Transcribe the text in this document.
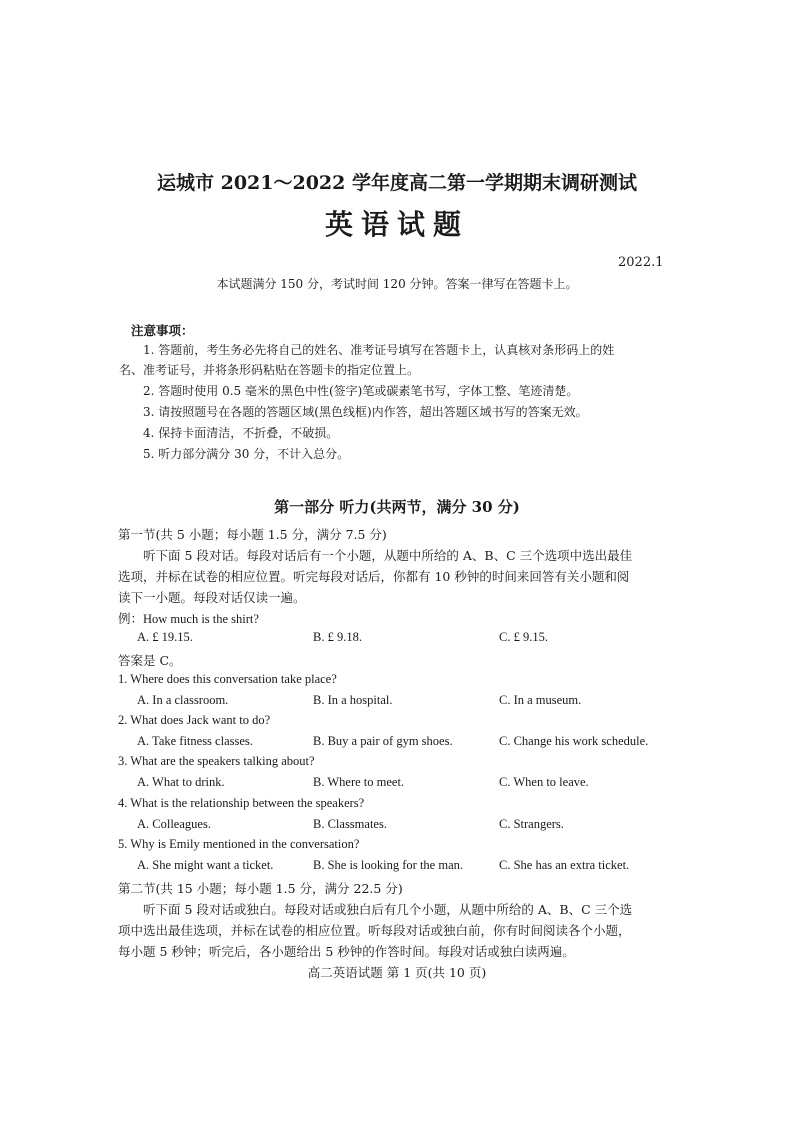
运城市 2021～2022 学年度高二第一学期期末调研测试
英语试题
2022.1
本试题满分 150 分，考试时间 120 分钟。答案一律写在答题卡上。
注意事项：
1. 答题前，考生务必先将自己的姓名、准考证号填写在答题卡上，认真核对条形码上的姓
名、准考证号，并将条形码粘贴在答题卡的指定位置上。
2. 答题时使用 0.5 毫米的黑色中性(签字)笔或碳素笔书写，字体工整、笔迹清楚。
3. 请按照题号在各题的答题区域(黑色线框)内作答，超出答题区域书写的答案无效。
4. 保持卡面清洁，不折叠，不破损。
5. 听力部分满分 30 分，不计入总分。
第一部分 听力(共两节，满分 30 分)
第一节(共 5 小题；每小题 1.5 分，满分 7.5 分)
听下面 5 段对话。每段对话后有一个小题，从题中所给的 A、B、C 三个选项中选出最佳
选项，并标在试卷的相应位置。听完每段对话后，你都有 10 秒钟的时间来回答有关小题和阅
读下一小题。每段对话仅读一遍。
例：How much is the shirt?
A. £ 19.15.	B. £ 9.18.	C. £ 9.15.
答案是 C。
1. Where does this conversation take place?
A. In a classroom.	B. In a hospital.	C. In a museum.
2. What does Jack want to do?
A. Take fitness classes.	B. Buy a pair of gym shoes.	C. Change his work schedule.
3. What are the speakers talking about?
A. What to drink.	B. Where to meet.	C. When to leave.
4. What is the relationship between the speakers?
A. Colleagues.	B. Classmates.	C. Strangers.
5. Why is Emily mentioned in the conversation?
A. She might want a ticket.	B. She is looking for the man.	C. She has an extra ticket.
第二节(共 15 小题；每小题 1.5 分，满分 22.5 分)
听下面 5 段对话或独白。每段对话或独白后有几个小题，从题中所给的 A、B、C 三个选
项中选出最佳选项，并标在试卷的相应位置。听每段对话或独白前，你有时间阅读各个小题，
每小题 5 秒钟；听完后，各小题给出 5 秒钟的作答时间。每段对话或独白读两遍。
高二英语试题 第 1 页(共 10 页)
